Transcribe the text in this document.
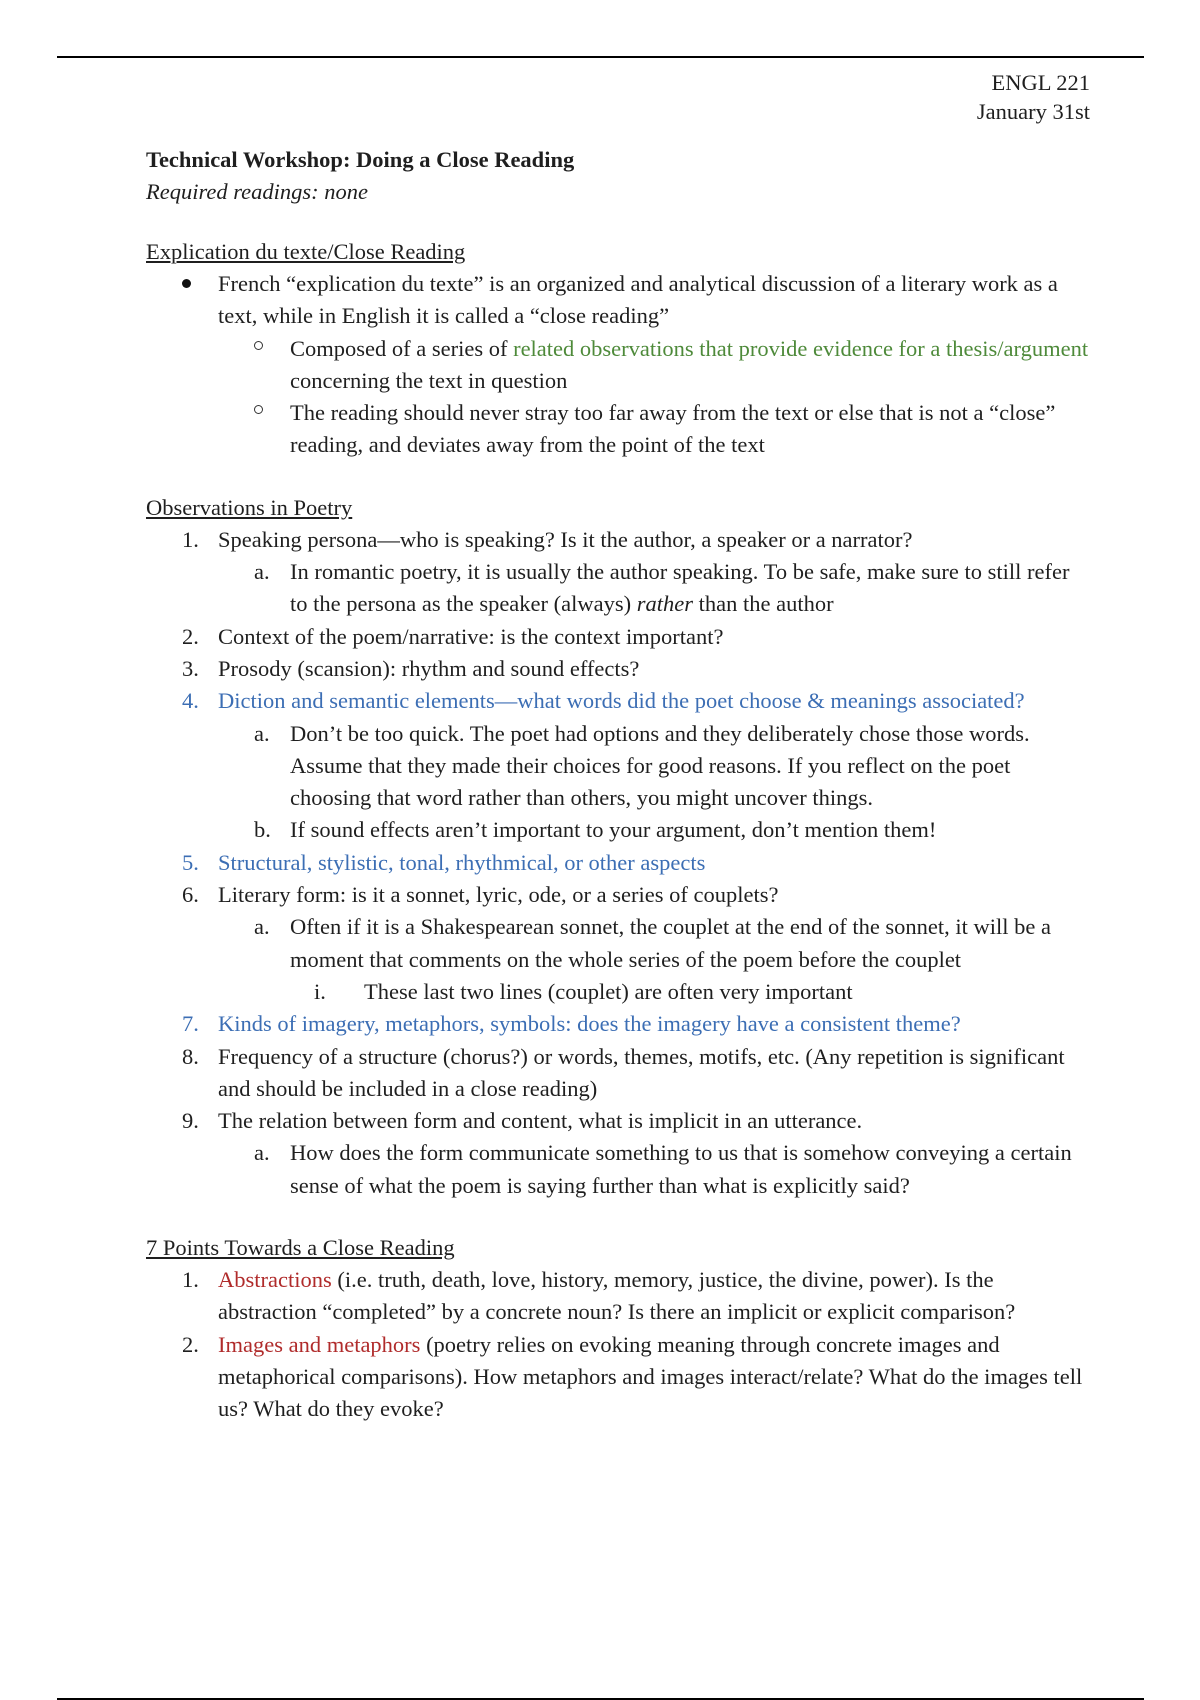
ENGL 221
January 31st
Technical Workshop: Doing a Close Reading
Required readings: none
Explication du texte/Close Reading
French “explication du texte” is an organized and analytical discussion of a literary work as a text, while in English it is called a “close reading”
Composed of a series of related observations that provide evidence for a thesis/argument concerning the text in question
The reading should never stray too far away from the text or else that is not a “close” reading, and deviates away from the point of the text
Observations in Poetry
1. Speaking persona—who is speaking? Is it the author, a speaker or a narrator?
a. In romantic poetry, it is usually the author speaking. To be safe, make sure to still refer to the persona as the speaker (always) rather than the author
2. Context of the poem/narrative: is the context important?
3. Prosody (scansion): rhythm and sound effects?
4. Diction and semantic elements—what words did the poet choose & meanings associated?
a. Don’t be too quick. The poet had options and they deliberately chose those words. Assume that they made their choices for good reasons. If you reflect on the poet choosing that word rather than others, you might uncover things.
b. If sound effects aren’t important to your argument, don’t mention them!
5. Structural, stylistic, tonal, rhythmical, or other aspects
6. Literary form: is it a sonnet, lyric, ode, or a series of couplets?
a. Often if it is a Shakespearean sonnet, the couplet at the end of the sonnet, it will be a moment that comments on the whole series of the poem before the couplet
i. These last two lines (couplet) are often very important
7. Kinds of imagery, metaphors, symbols: does the imagery have a consistent theme?
8. Frequency of a structure (chorus?) or words, themes, motifs, etc. (Any repetition is significant and should be included in a close reading)
9. The relation between form and content, what is implicit in an utterance.
a. How does the form communicate something to us that is somehow conveying a certain sense of what the poem is saying further than what is explicitly said?
7 Points Towards a Close Reading
1. Abstractions (i.e. truth, death, love, history, memory, justice, the divine, power). Is the abstraction “completed” by a concrete noun? Is there an implicit or explicit comparison?
2. Images and metaphors (poetry relies on evoking meaning through concrete images and metaphorical comparisons). How metaphors and images interact/relate? What do the images tell us? What do they evoke?
